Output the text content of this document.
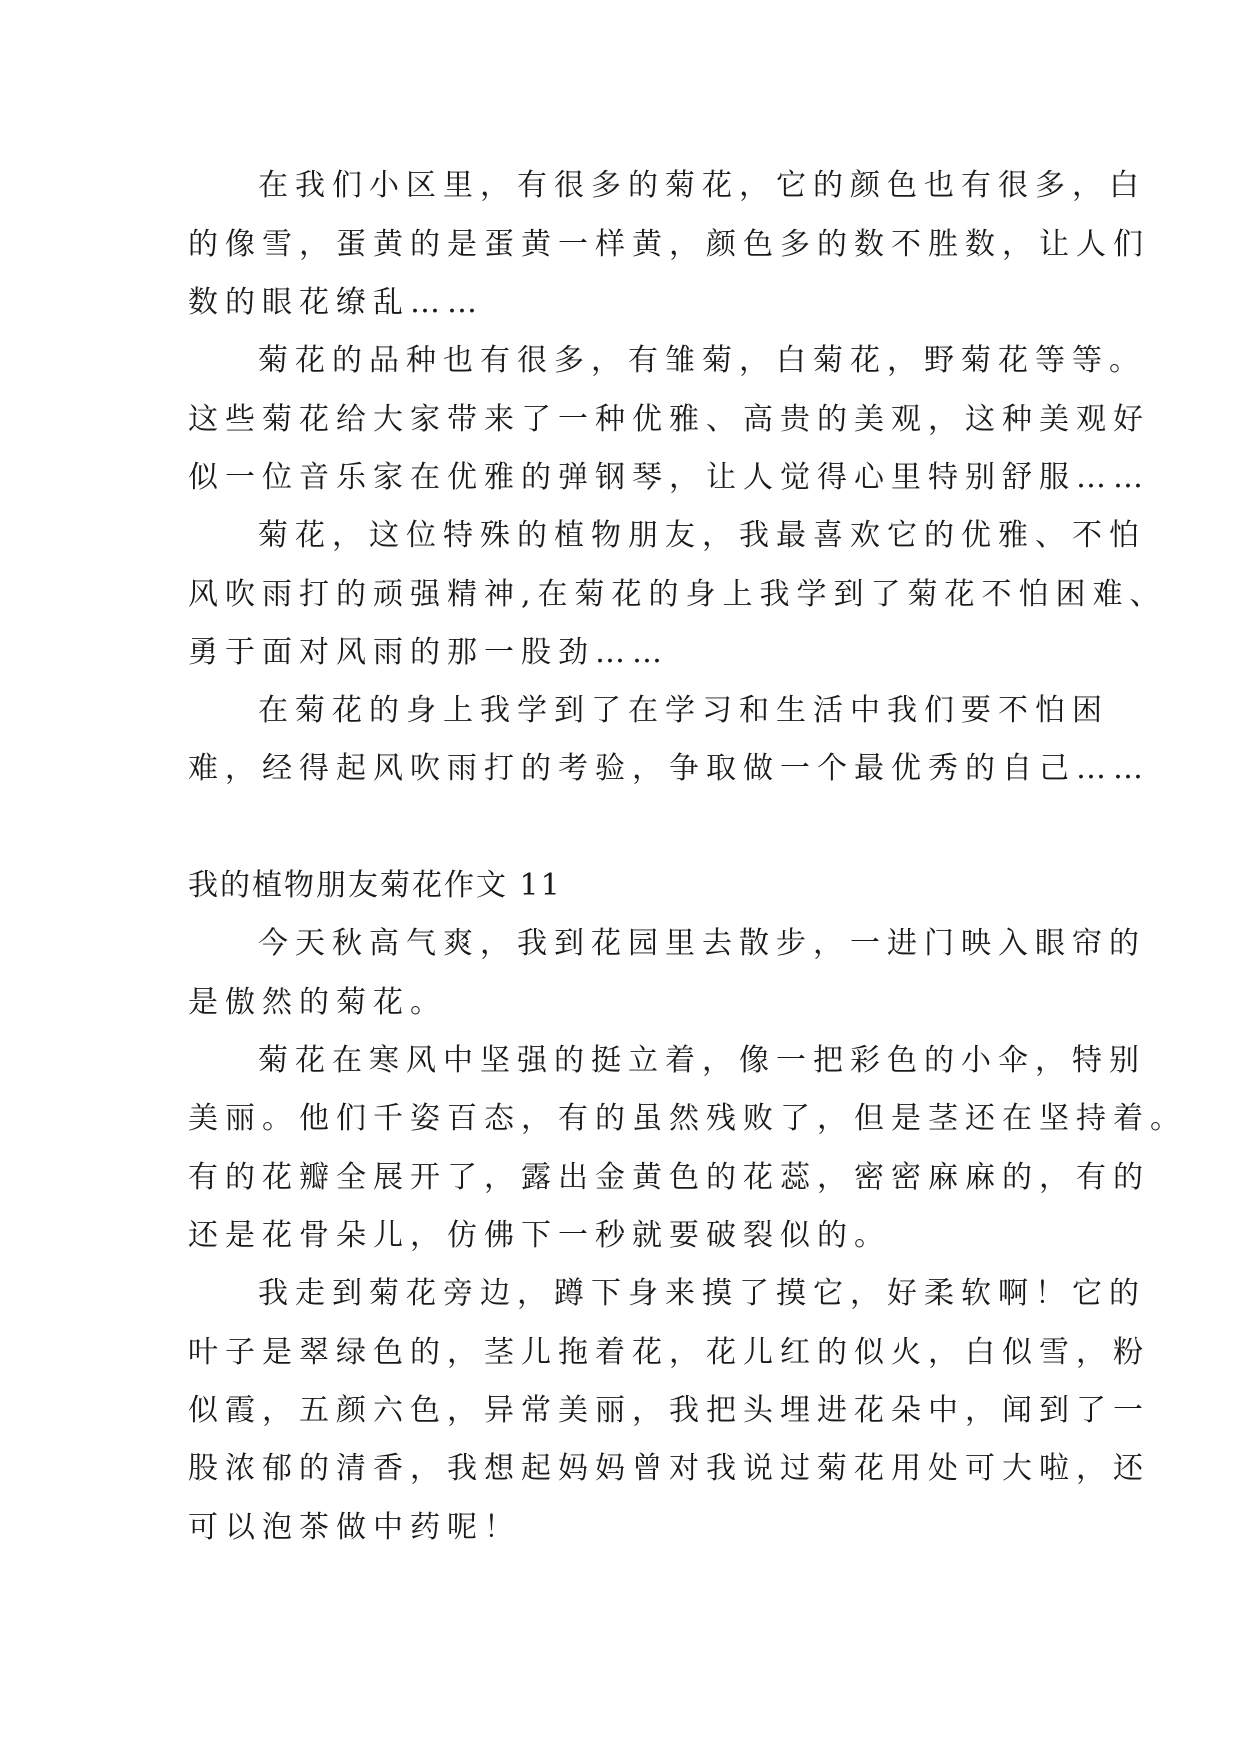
在我们小区里，有很多的菊花，它的颜色也有很多，白

的像雪，蛋黄的是蛋黄一样黄，颜色多的数不胜数，让人们

数的眼花缭乱……

菊花的品种也有很多，有雏菊，白菊花，野菊花等等。

这些菊花给大家带来了一种优雅、高贵的美观，这种美观好

似一位音乐家在优雅的弹钢琴，让人觉得心里特别舒服……

菊花，这位特殊的植物朋友，我最喜欢它的优雅、不怕

风吹雨打的顽强精神,在菊花的身上我学到了菊花不怕困难、

勇于面对风雨的那一股劲……

在菊花的身上我学到了在学习和生活中我们要不怕困

难，经得起风吹雨打的考验，争取做一个最优秀的自己……

我的植物朋友菊花作文 11

今天秋高气爽，我到花园里去散步，一进门映入眼帘的

是傲然的菊花。

菊花在寒风中坚强的挺立着，像一把彩色的小伞，特别

美丽。他们千姿百态，有的虽然残败了，但是茎还在坚持着。

有的花瓣全展开了，露出金黄色的花蕊，密密麻麻的，有的

还是花骨朵儿，仿佛下一秒就要破裂似的。

我走到菊花旁边，蹲下身来摸了摸它，好柔软啊！它的

叶子是翠绿色的，茎儿拖着花，花儿红的似火，白似雪，粉

似霞，五颜六色，异常美丽，我把头埋进花朵中，闻到了一

股浓郁的清香，我想起妈妈曾对我说过菊花用处可大啦，还

可以泡茶做中药呢！
